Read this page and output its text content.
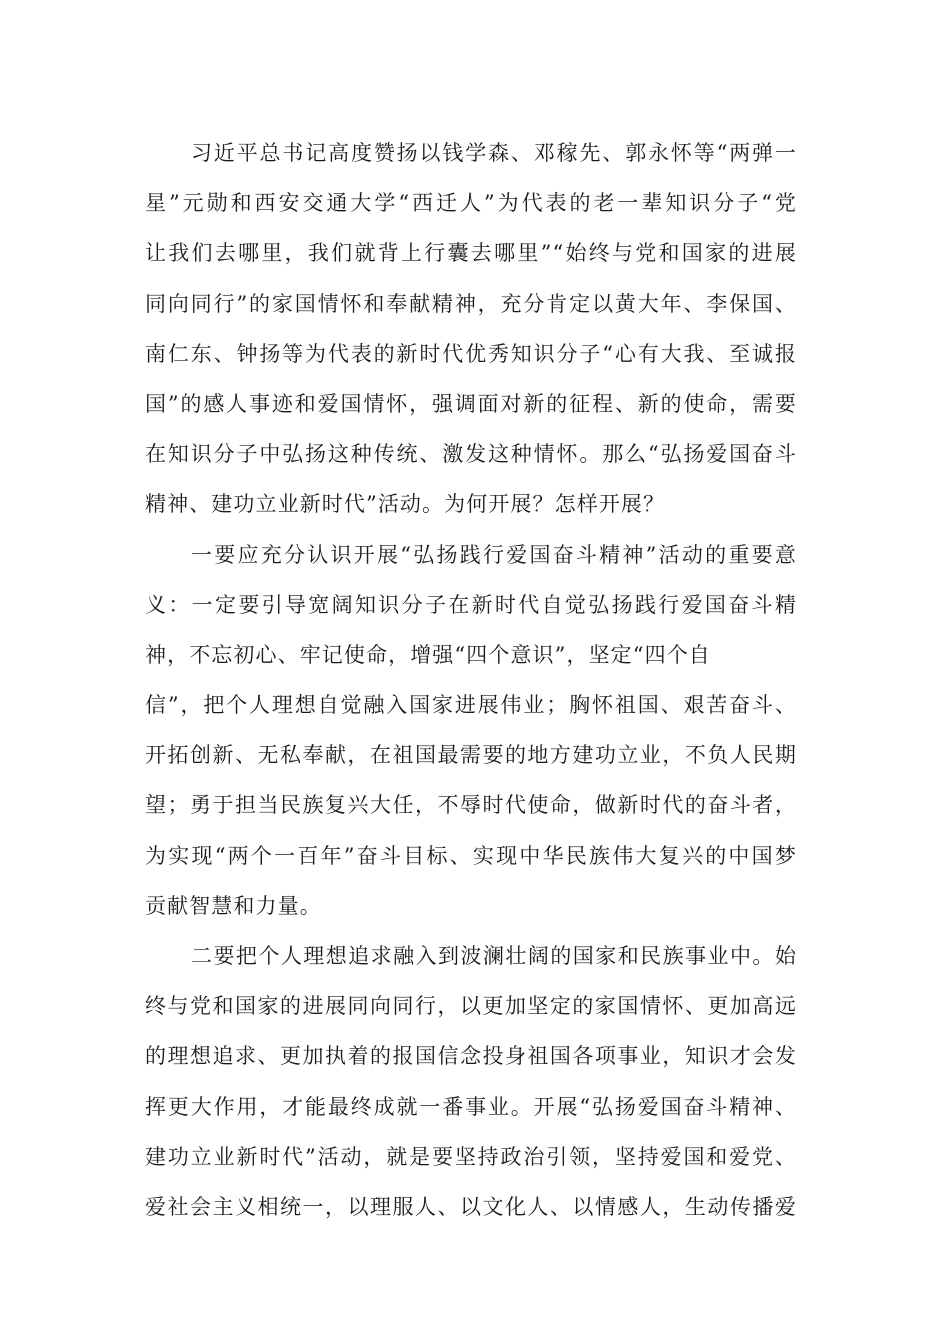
习近平总书记高度赞扬以钱学森、邓稼先、郭永怀等“两弹一
星”元勋和西安交通大学“西迁人”为代表的老一辈知识分子“党
让我们去哪里，我们就背上行囊去哪里”“始终与党和国家的进展
同向同行”的家国情怀和奉献精神，充分肯定以黄大年、李保国、
南仁东、钟扬等为代表的新时代优秀知识分子“心有大我、至诚报
国”的感人事迹和爱国情怀，强调面对新的征程、新的使命，需要
在知识分子中弘扬这种传统、激发这种情怀。那么“弘扬爱国奋斗
精神、建功立业新时代”活动。为何开展？怎样开展？
一要应充分认识开展“弘扬践行爱国奋斗精神”活动的重要意
义：一定要引导宽阔知识分子在新时代自觉弘扬践行爱国奋斗精
神，不忘初心、牢记使命，增强“四个意识”，坚定“四个自
信”，把个人理想自觉融入国家进展伟业；胸怀祖国、艰苦奋斗、
开拓创新、无私奉献，在祖国最需要的地方建功立业，不负人民期
望；勇于担当民族复兴大任，不辱时代使命，做新时代的奋斗者，
为实现“两个一百年”奋斗目标、实现中华民族伟大复兴的中国梦
贡献智慧和力量。
二要把个人理想追求融入到波澜壮阔的国家和民族事业中。始
终与党和国家的进展同向同行，以更加坚定的家国情怀、更加高远
的理想追求、更加执着的报国信念投身祖国各项事业，知识才会发
挥更大作用，才能最终成就一番事业。开展“弘扬爱国奋斗精神、
建功立业新时代”活动，就是要坚持政治引领，坚持爱国和爱党、
爱社会主义相统一，以理服人、以文化人、以情感人，生动传播爱
